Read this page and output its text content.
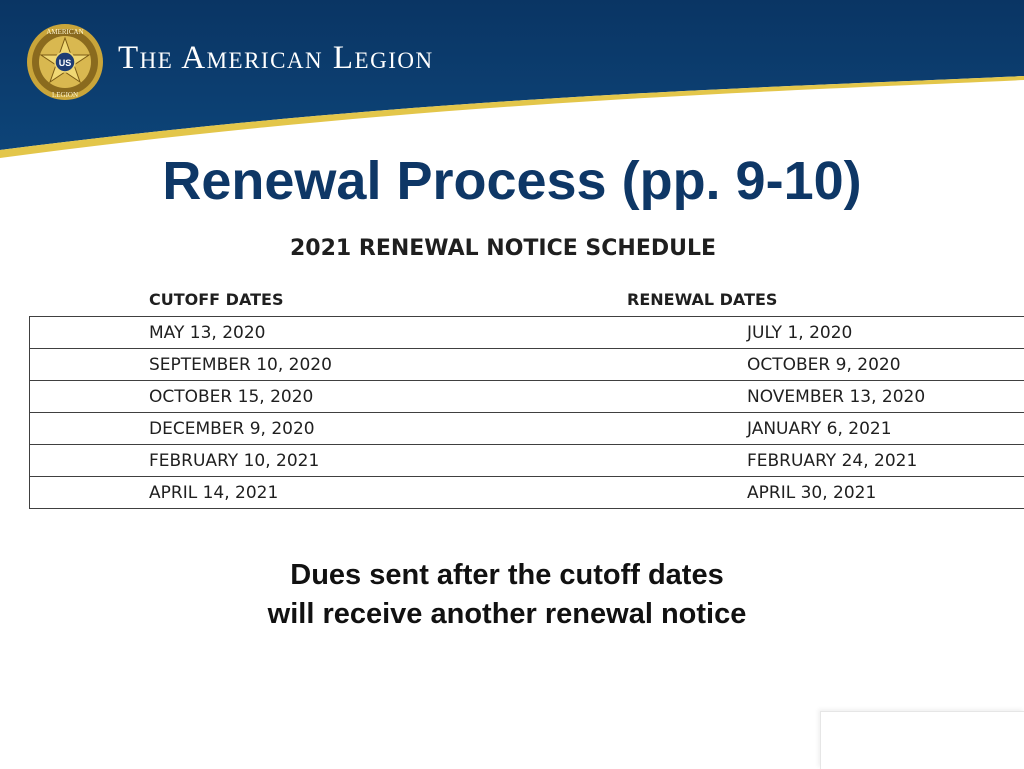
US
AMERICAN
LEGION
The American Legion
Renewal Process (pp. 9-10)
2021 RENEWAL NOTICE SCHEDULE
CUTOFF DATES	RENEWAL DATES
MAY 13, 2020	JULY 1, 2020
SEPTEMBER 10, 2020	OCTOBER 9, 2020
OCTOBER 15, 2020	NOVEMBER 13, 2020
DECEMBER 9, 2020	JANUARY 6, 2021
FEBRUARY 10, 2021	FEBRUARY 24, 2021
APRIL 14, 2021	APRIL 30, 2021
Dues sent after the cutoff dates
will receive another renewal notice
